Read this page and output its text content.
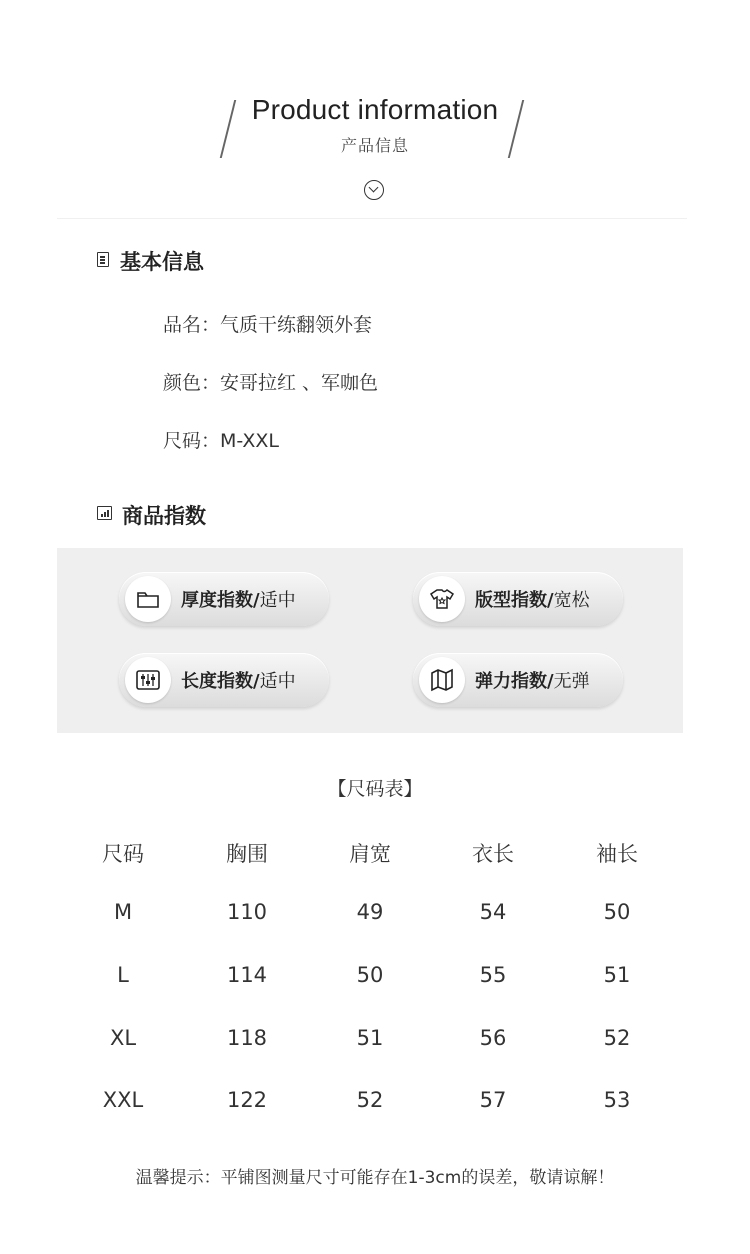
Product information
产品信息
基本信息
品名：气质干练翻领外套
颜色：安哥拉红 、军咖色
尺码：M-XXL
商品指数
厚度指数/适中	版型指数/宽松
长度指数/适中	弹力指数/无弹
【尺码表】
尺码	胸围	肩宽	衣长	袖长
M	110	49	54	50
L	114	50	55	51
XL	118	51	56	52
XXL	122	52	57	53
温馨提示：平铺图测量尺寸可能存在1-3cm的误差，敬请谅解！
